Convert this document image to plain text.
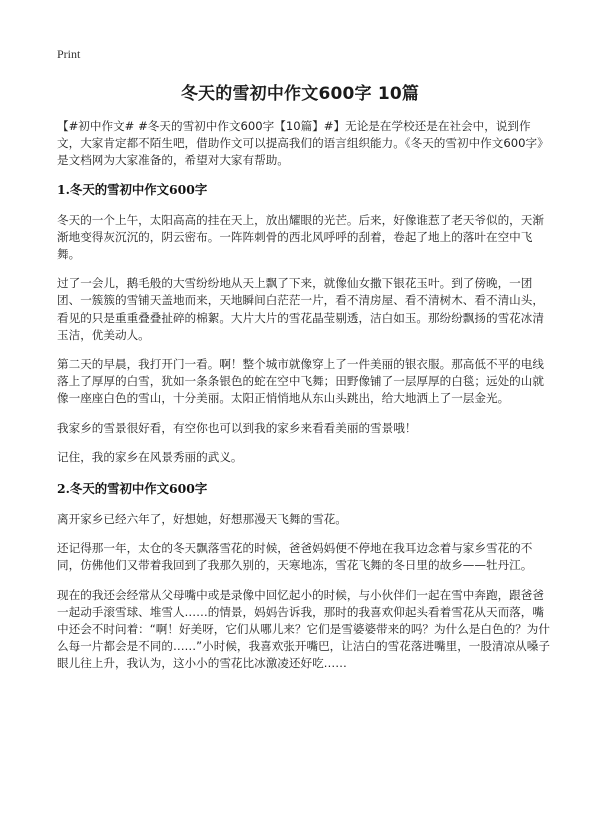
Print
冬天的雪初中作文600字 10篇

【#初中作文# #冬天的雪初中作文600字【10篇】#】无论是在学校还是在社会中，说到作文，大家肯定都不陌生吧，借助作文可以提高我们的语言组织能力。《冬天的雪初中作文600字》是文档网为大家准备的，希望对大家有帮助。

1.冬天的雪初中作文600字

冬天的一个上午，太阳高高的挂在天上，放出耀眼的光芒。后来，好像谁惹了老天爷似的，天渐渐地变得灰沉沉的，阴云密布。一阵阵刺骨的西北风呼呼的刮着，卷起了地上的落叶在空中飞舞。

过了一会儿，鹅毛般的大雪纷纷地从天上飘了下来，就像仙女撒下银花玉叶。到了傍晚，一团团、一簇簇的雪铺天盖地而来，天地瞬间白茫茫一片，看不清房屋、看不清树木、看不清山头，看见的只是重重叠叠扯碎的棉絮。大片大片的雪花晶莹剔透，洁白如玉。那纷纷飘扬的雪花冰清玉洁，优美动人。

第二天的早晨，我打开门一看。啊！整个城市就像穿上了一件美丽的银衣服。那高低不平的电线落上了厚厚的白雪，犹如一条条银色的蛇在空中飞舞；田野像铺了一层厚厚的白毯；远处的山就像一座座白色的雪山，十分美丽。太阳正悄悄地从东山头跳出，给大地洒上了一层金光。

我家乡的雪景很好看，有空你也可以到我的家乡来看看美丽的雪景哦！

记住，我的家乡在风景秀丽的武义。

2.冬天的雪初中作文600字

离开家乡已经六年了，好想她，好想那漫天飞舞的雪花。

还记得那一年，太仓的冬天飘落雪花的时候，爸爸妈妈便不停地在我耳边念着与家乡雪花的不同，仿佛他们又带着我回到了我那久别的，天寒地冻，雪花飞舞的冬日里的故乡——牡丹江。

现在的我还会经常从父母嘴中或是录像中回忆起小的时候，与小伙伴们一起在雪中奔跑，跟爸爸一起动手滚雪球、堆雪人……的情景，妈妈告诉我，那时的我喜欢仰起头看着雪花从天而落，嘴中还会不时问着：“啊！好美呀，它们从哪儿来？它们是雪婆婆带来的吗？为什么是白色的？为什么每一片都会是不同的……”小时候，我喜欢张开嘴巴，让洁白的雪花落进嘴里，一股清凉从嗓子眼儿往上升，我认为，这小小的雪花比冰激凌还好吃……
